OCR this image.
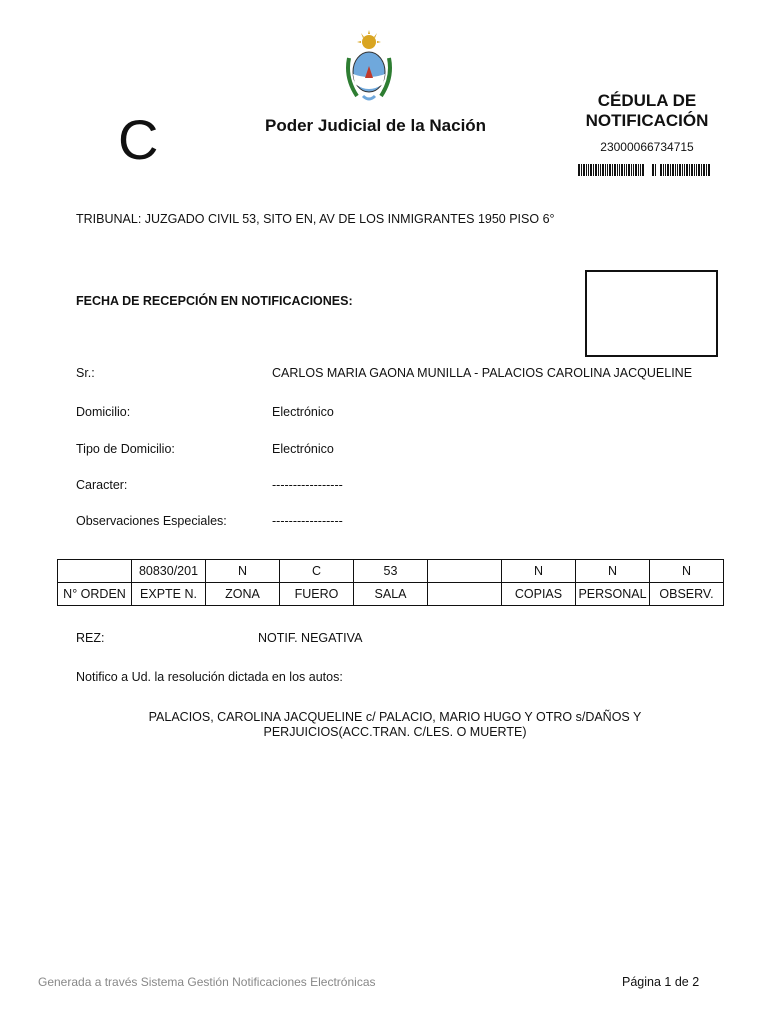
C	Poder Judicial de la Nación
CÉDULA DE
NOTIFICACIÓN
23000066734715
TRIBUNAL: JUZGADO CIVIL 53, SITO EN, AV DE LOS INMIGRANTES 1950 PISO 6°
FECHA DE RECEPCIÓN EN NOTIFICACIONES:
Sr.:	CARLOS MARIA GAONA MUNILLA - PALACIOS CAROLINA JACQUELINE
Domicilio:	Electrónico
Tipo de Domicilio:	Electrónico
Caracter:	-----------------
Observaciones Especiales:	-----------------
	80830/201	N	C	53		N	N	N
N° ORDEN	EXPTE N.	ZONA	FUERO	SALA		COPIAS	PERSONAL	OBSERV.
REZ:	NOTIF. NEGATIVA
Notifico a Ud. la resolución dictada en los autos:
PALACIOS, CAROLINA JACQUELINE c/ PALACIO, MARIO HUGO Y OTRO s/DAÑOS Y
PERJUICIOS(ACC.TRAN. C/LES. O MUERTE)
Generada a través Sistema Gestión Notificaciones Electrónicas	Página 1 de 2
